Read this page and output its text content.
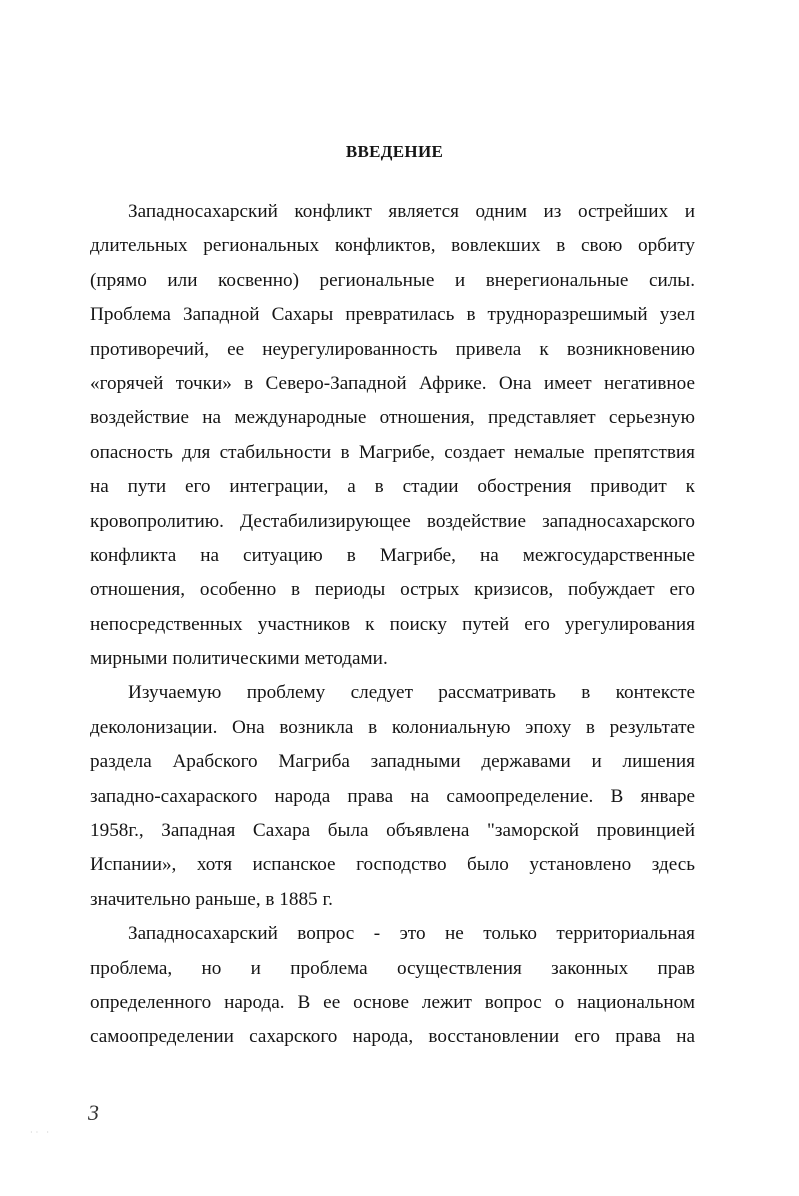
ВВЕДЕНИЕ

Западносахарский конфликт является одним из острейших и
длительных региональных конфликтов, вовлекших в свою орбиту
(прямо или косвенно) региональные и внерегиональные силы.
Проблема Западной Сахары превратилась в трудноразрешимый узел
противоречий, ее неурегулированность привела к возникновению
«горячей точки» в Северо-Западной Африке. Она имеет негативное
воздействие на международные отношения, представляет серьезную
опасность для стабильности в Магрибе, создает немалые препятствия
на пути его интеграции, а в стадии обострения приводит к
кровопролитию. Дестабилизирующее воздействие западносахарского
конфликта на ситуацию в Магрибе, на межгосударственные
отношения, особенно в периоды острых кризисов, побуждает его
непосредственных участников к поиску путей его урегулирования
мирными политическими методами.

Изучаемую проблему следует рассматривать в контексте
деколонизации. Она возникла в колониальную эпоху в результате
раздела Арабского Магриба западными державами и лишения
западно-сахараского народа права на самоопределение. В январе
1958г., Западная Сахара была объявлена "заморской провинцией
Испании», хотя испанское господство было установлено здесь
значительно раньше, в 1885 г.

Западносахарский вопрос - это не только территориальная
проблема, но и проблема осуществления законных прав
определенного народа. В ее основе лежит вопрос о национальном
самоопределении сахарского народа, восстановлении его права на

3
·· ·
